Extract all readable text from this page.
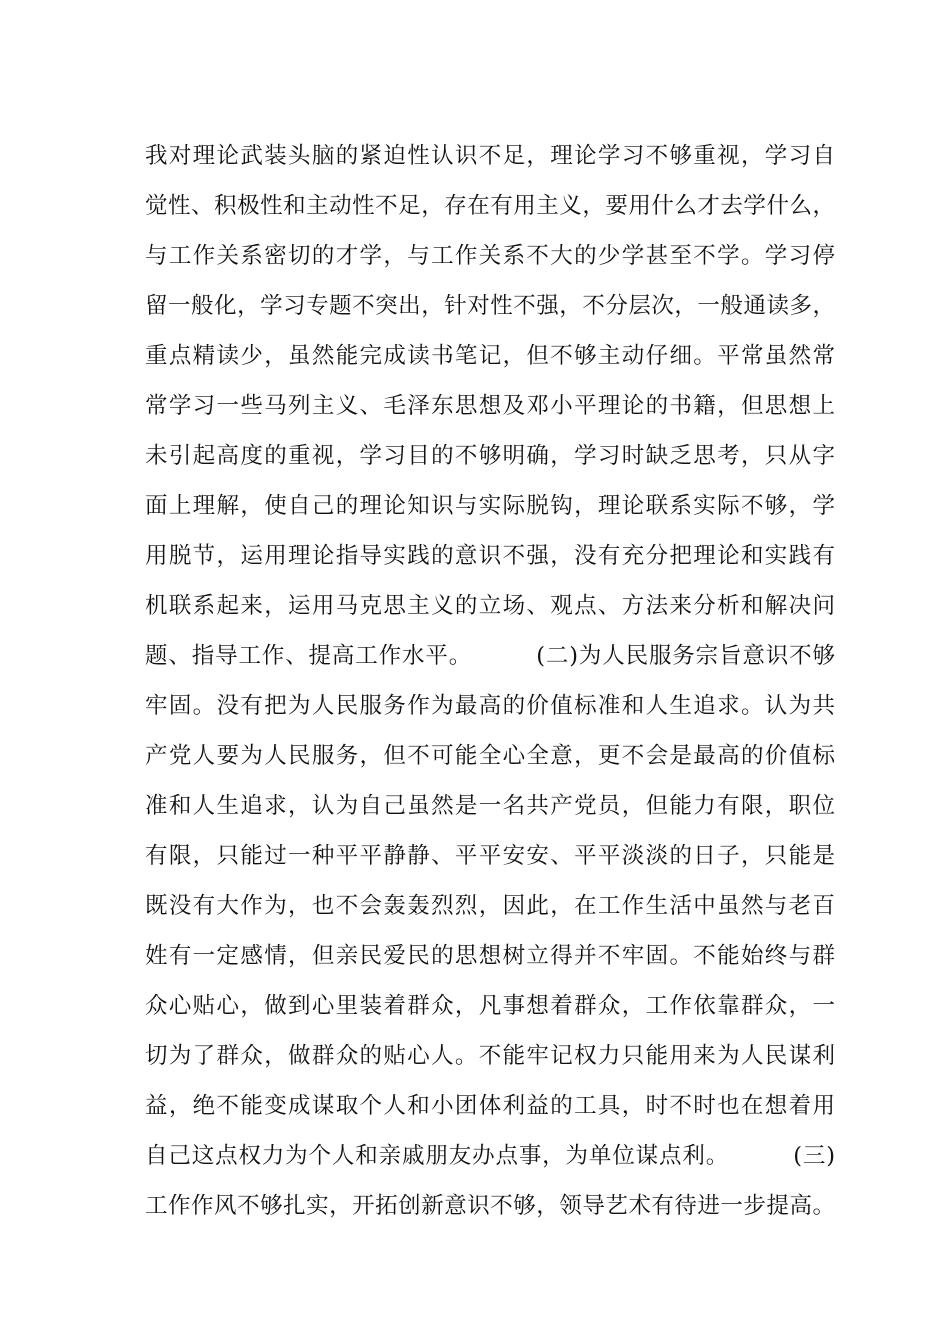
我对理论武装头脑的紧迫性认识不足，理论学习不够重视，学习自
觉性、积极性和主动性不足，存在有用主义，要用什么才去学什么，
与工作关系密切的才学，与工作关系不大的少学甚至不学。学习停
留一般化，学习专题不突出，针对性不强，不分层次，一般通读多，
重点精读少，虽然能完成读书笔记，但不够主动仔细。平常虽然常
常学习一些马列主义、毛泽东思想及邓小平理论的书籍，但思想上
未引起高度的重视，学习目的不够明确，学习时缺乏思考，只从字
面上理解，使自己的理论知识与实际脱钩，理论联系实际不够，学
用脱节，运用理论指导实践的意识不强，没有充分把理论和实践有
机联系起来，运用马克思主义的立场、观点、方法来分析和解决问
题、指导工作、提高工作水平。        (二)为人民服务宗旨意识不够
牢固。没有把为人民服务作为最高的价值标准和人生追求。认为共
产党人要为人民服务，但不可能全心全意，更不会是最高的价值标
准和人生追求，认为自己虽然是一名共产党员，但能力有限，职位
有限，只能过一种平平静静、平平安安、平平淡淡的日子，只能是
既没有大作为，也不会轰轰烈烈，因此，在工作生活中虽然与老百
姓有一定感情，但亲民爱民的思想树立得并不牢固。不能始终与群
众心贴心，做到心里装着群众，凡事想着群众，工作依靠群众，一
切为了群众，做群众的贴心人。不能牢记权力只能用来为人民谋利
益，绝不能变成谋取个人和小团体利益的工具，时不时也在想着用
自己这点权力为个人和亲戚朋友办点事，为单位谋点利。        (三)
工作作风不够扎实，开拓创新意识不够，领导艺术有待进一步提高。
